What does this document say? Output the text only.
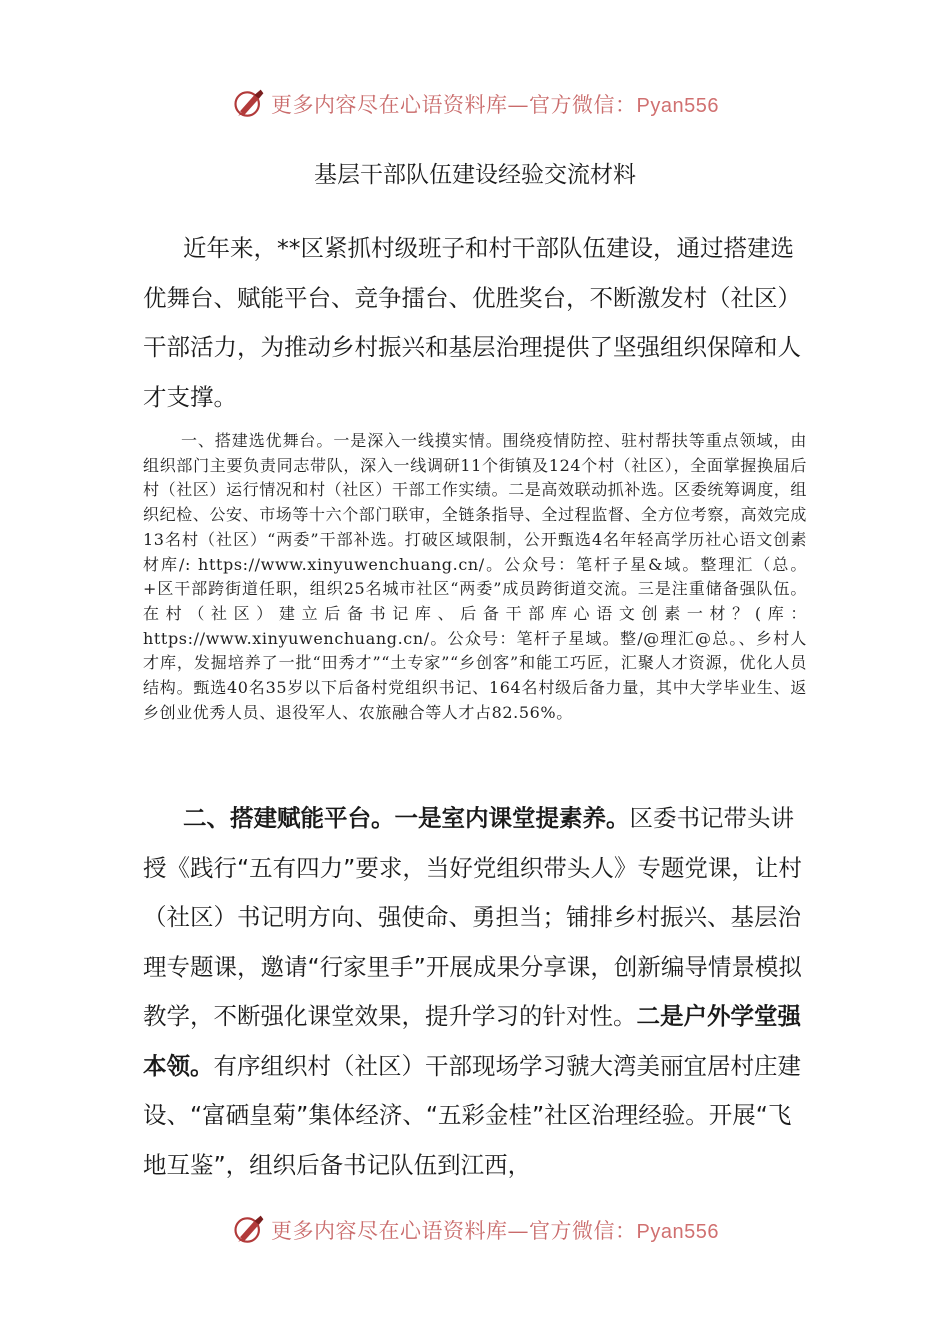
更多内容尽在心语资料库—官方微信：Pyan556
基层干部队伍建设经验交流材料

近年来，**区紧抓村级班子和村干部队伍建设，通过搭建选优舞台、赋能平台、竞争擂台、优胜奖台，不断激发村（社区）干部活力，为推动乡村振兴和基层治理提供了坚强组织保障和人才支撑。

一、搭建选优舞台。一是深入一线摸实情。围绕疫情防控、驻村帮扶等重点领域，由组织部门主要负责同志带队，深入一线调研11个街镇及124个村（社区），全面掌握换届后村（社区）运行情况和村（社区）干部工作实绩。二是高效联动抓补选。区委统筹调度，组织纪检、公安、市场等十六个部门联审，全链条指导、全过程监督、全方位考察，高效完成13名村（社区）“两委”干部补选。打破区域限制，公开甄选4名年轻高学历社心语文创素材库/: https://www.xinyuwenchuang.cn/。公众号：笔杆子星&域。整理汇（总。+区干部跨街道任职，组织25名城市社区“两委”成员跨街道交流。三是注重储备强队伍。在村（社区）建立后备书记库、后备干部库心语文创素一材？(库：https://www.xinyuwenchuang.cn/。公众号：笔杆子星域。整/@理汇@总。、乡村人才库，发掘培养了一批“田秀才”“土专家”“乡创客”和能工巧匠，汇聚人才资源，优化人员结构。甄选40名35岁以下后备村党组织书记、164名村级后备力量，其中大学毕业生、返乡创业优秀人员、退役军人、农旅融合等人才占82.56%。

二、搭建赋能平台。一是室内课堂提素养。区委书记带头讲授《践行“五有四力”要求，当好党组织带头人》专题党课，让村（社区）书记明方向、强使命、勇担当；铺排乡村振兴、基层治理专题课，邀请“行家里手”开展成果分享课，创新编导情景模拟教学，不断强化课堂效果，提升学习的针对性。二是户外学堂强本领。有序组织村（社区）干部现场学习虢大湾美丽宜居村庄建设、“富硒皇菊”集体经济、“五彩金桂”社区治理经验。开展“飞地互鉴”，组织后备书记队伍到江西，

更多内容尽在心语资料库—官方微信：Pyan556
